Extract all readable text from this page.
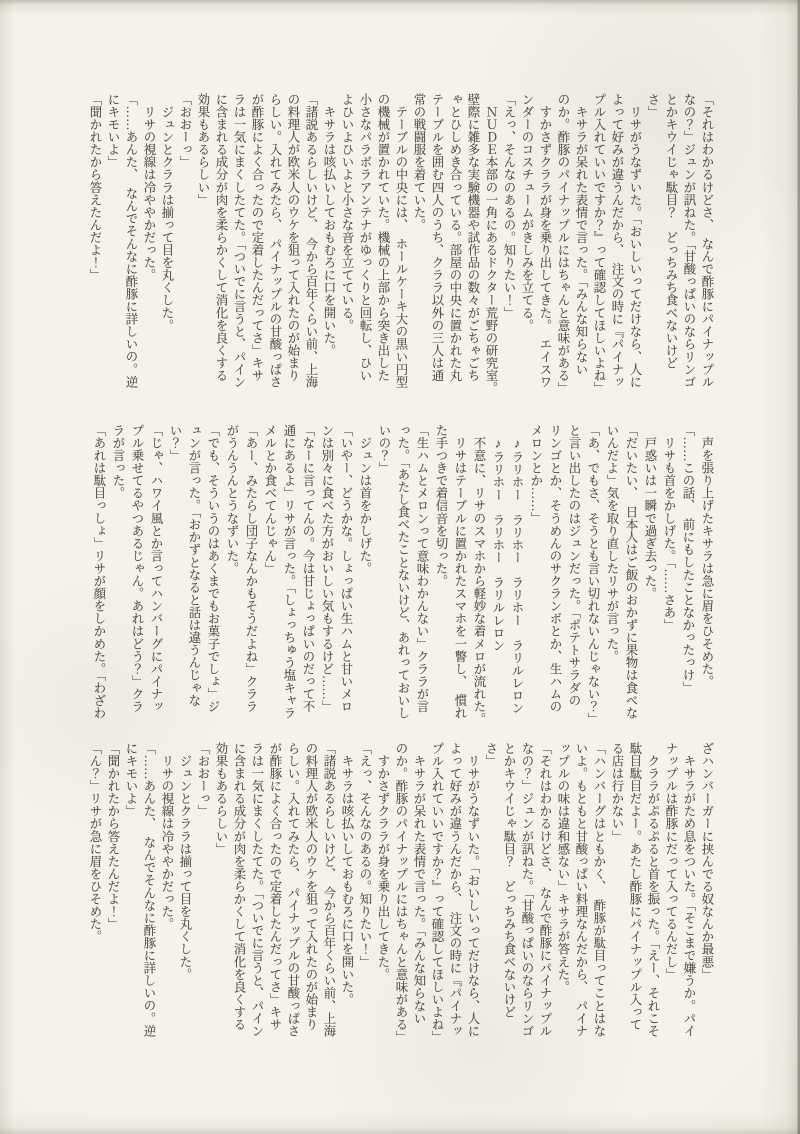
「それはわかるけどさ、　なんで酢豚にパイナップル
なの？」ジュンが訊ねた。「甘酸っぱいのならリンゴ
とかキウイじゃ駄目？　どっちみち食べないけど
さ」
　リサがうなずいた。「おいしいってだけなら、人に
よって好みが違うんだから、　注文の時に『パイナッ
プル入れていいですか？』って確認してほしいよね」
　キサラが呆れた表情で言った。「みんな知らない
のか。酢豚のパイナップルにはちゃんと意味がある」
　すかさずクララが身を乗り出してきた。　エイスワ
ンダーのコスチュームがきしみを立てる。
「えっ、そんなのあるの。知りたい！」
　ＮＵＤＥ本部の一角にあるドクター荒野の研究室。
壁際に雑多な実験機器や試作品の数々がごちゃごち
ゃとひしめき合っている。部屋の中央に置かれた丸
テーブルを囲む四人のうち、クララ以外の三人は通
常の戦闘服を着ていた。
　テーブルの中央には、　ホールケーキ大の黒い円型
の機械が置かれていた。機械の上部から突き出した
小さなパラボラアンテナがゆっくりと回転し、ひい
よひいよひいよと小さな音を立てている。
　キサラは咳払いしておもむろに口を開いた。
「諸説あるらしいけど、　今から百年くらい前、上海
の料理人が欧米人のウケを狙って入れたのが始まり
らしい。入れてみたら、　パイナップルの甘酸っぱさ
が酢豚によく合ったので定着したんだってさ」キサ
ラは一気にまくしたてた。「ついでに言うと、パイン
に含まれる成分が肉を柔らかくして消化を良くする
効果もあるらしい」
「おおーっ」
　ジュンとクララは揃って目を丸くした。
　リサの視線は冷ややかだった。
「……あんた、　なんでそんなに酢豚に詳しいの。逆
にキモいよ」
「聞かれたから答えたんだよ！」
　声を張り上げたキサラは急に眉をひそめた。
「……この話、　前にもしたことなかったっけ」
　リサも首をかしげた。「……さあ」
　戸惑いは一瞬で過ぎ去った。
「だいたい、　日本人はご飯のおかずに果物は食べな
いんだよ」気を取り直したリサが言った。
「あ、でもさ、そうとも言い切れないんじゃない？」
と言い出したのはジュンだった。「ポテトサラダの
リンゴとか、そうめんのサクランボとか、生ハムの
メロンとか……」
　♪ラリホー　ラリホー　ラリホー　ラリルレロン
　♪ラリホー　ラリホー　ラリルレロン
　不意に、リサのスマホから軽妙な着メロが流れた。
　リサはテーブルに置かれたスマホを一瞥し、　慣れ
た手つきで着信音を切った。
「生ハムとメロンって意味わかんない」クララが言
った。「あたし食べたことないけど、あれっておいし
いの？」
　ジュンは首をかしげた。
「いやー、どうかな。しょっぱい生ハムと甘いメロ
ンは別々に食べた方がおいしい気もするけど……」
「なーに言ってんの。今は甘じょっぱいのだって不
通にあるよ」リサが言った。「しょっちゅう塩キャラ
メルとか食べてんじゃん」
「あー、みたらし団子なんかもそうだよね」クララ
がうんうんとうなずいた。
「でも、そういうのはあくまでもお菓子でしょ」ジ
ュンが言った。「おかずとなると話は違うんじゃな
い？」
「じゃ、ハワイ風とか言ってハンバーグにパイナッ
プル乗せてるやつあるじゃん。あれはどう？」クラ
ラが言った。
「あれは駄目っしょ」リサが顔をしかめた。「わざわ
ざハンバーガーに挟んでる奴なんか最悪」
　キサラがため息をついた。「そこまで嫌うか。パイ
ナップルは酢豚にだって入ってるんだし」
　クララがぷるぷると首を振った。「えー、それこそ
駄目駄目だよー。あたし酢豚にパイナップル入って
る店は行かない」
「ハンバーグはともかく、　酢豚が駄目ってことはな
いよ。もともと甘酸っぱい料理なんだから、　パイナ
ップルの味は違和感ない」キサラが答えた。
「それはわかるけどさ、　なんで酢豚にパイナップル
なの？」ジュンが訊ねた。「甘酸っぱいのならリンゴ
とかキウイじゃ駄目？　どっちみち食べないけど
さ」
　リサがうなずいた。「おいしいってだけなら、人に
よって好みが違うんだから、　注文の時に『パイナッ
プル入れていいですか？』って確認してほしいよね」
　キサラが呆れた表情で言った。「みんな知らない
のか。酢豚のパイナップルにはちゃんと意味がある」
　すかさずクララが身を乗り出してきた。
「えっ、そんなのあるの。知りたい！」
　キサラは咳払いしておもむろに口を開いた。
「諸説あるらしいけど、　今から百年くらい前、上海
の料理人が欧米人のウケを狙って入れたのが始まり
らしい。入れてみたら、　パイナップルの甘酸っぱさ
が酢豚によく合ったので定着したんだってさ」キサ
ラは一気にまくしたてた。「ついでに言うと、パイン
に含まれる成分が肉を柔らかくして消化を良くする
効果もあるらしい」
「おおーっ」
　ジュンとクララは揃って目を丸くした。
　リサの視線は冷ややかだった。
「……あんた、　なんでそんなに酢豚に詳しいの。逆
にキモいよ」
「聞かれたから答えたんだよ！」
「ん？」リサが急に眉をひそめた。
